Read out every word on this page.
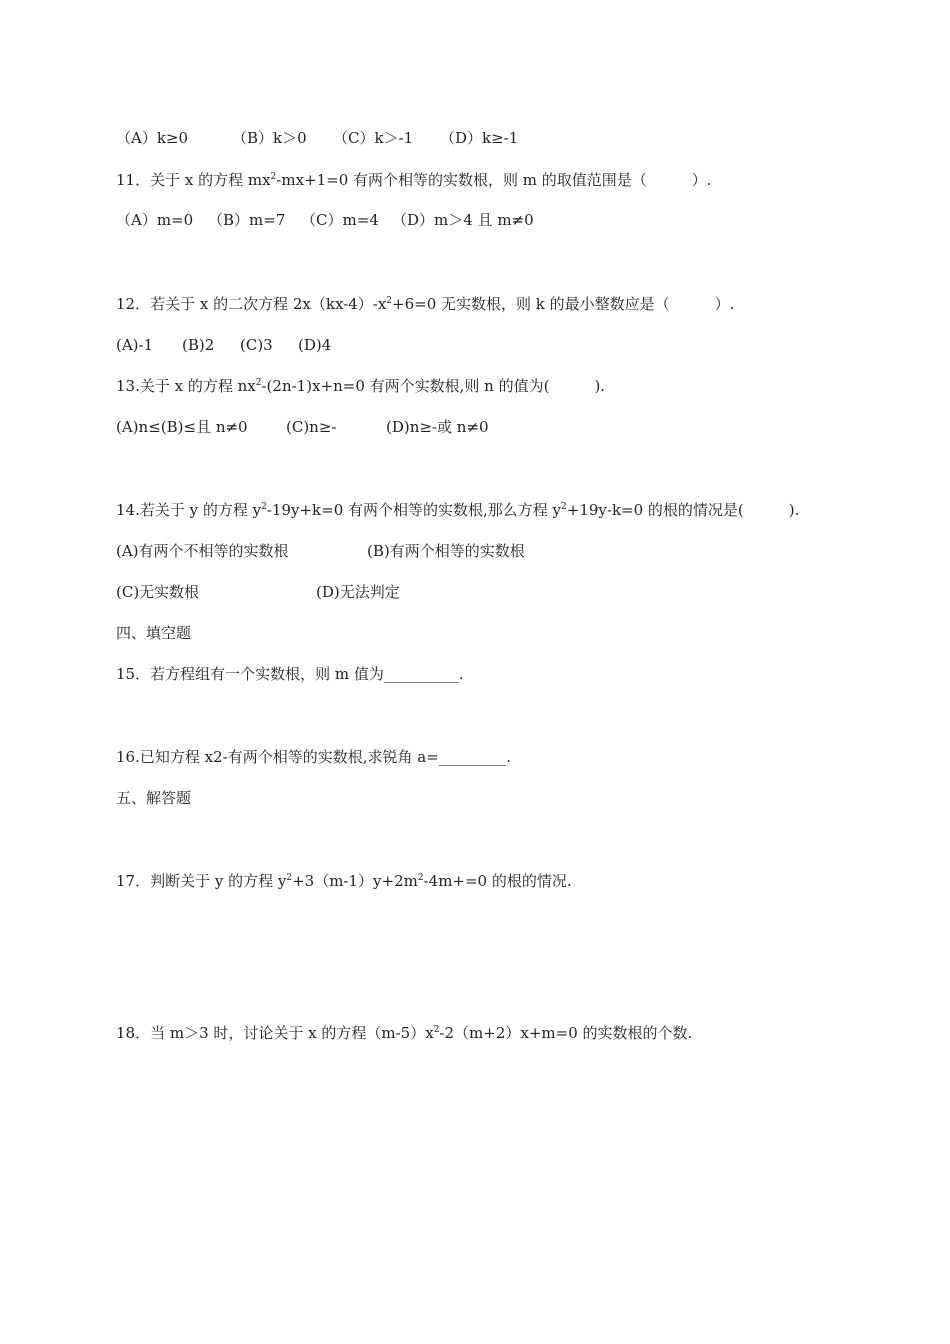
（A）k≥0	（B）k＞0 （C）k＞-1 （D）k≥-1
11．关于 x 的方程 $mx^2-mx+1=0$ 有两个相等的实数根，则 m 的取值范围是（　　　）.
（A）m=0 （B）m=7 （C）m=4 （D）m＞4 且 m≠0
12．若关于 x 的二次方程 $2x(kx-4)-x^2+6=0$ 无实数根，则 k 的最小整数应是（　　　）.
(A)-1 (B)2 (C)3 (D)4
13.关于 x 的方程 $nx^2-(2n-1)x+n=0$ 有两个实数根,则 n 的值为(　　　).
(A)n≤(B)≤且 n≠0	(C)n≥-	(D)n≥-或 n≠0
14.若关于 y 的方程 $y^2-19y+k=0$ 有两个相等的实数根,那么方程 $y^2+19y-k=0$ 的根的情况是(　　　).
(A)有两个不相等的实数根	(B)有两个相等的实数根
(C)无实数根	(D)无法判定
四、填空题
15．若方程组有一个实数根，则 m 值为__________.
16.已知方程 x2-有两个相等的实数根,求锐角 a=_________.
五、解答题
17．判断关于 y 的方程 $y^2+3(m-1)y+2m^2-4m+=0$ 的根的情况.
18．当 m＞3 时，讨论关于 x 的方程$(m-5)x^2-2(m+2)x+m=0$ 的实数根的个数.
